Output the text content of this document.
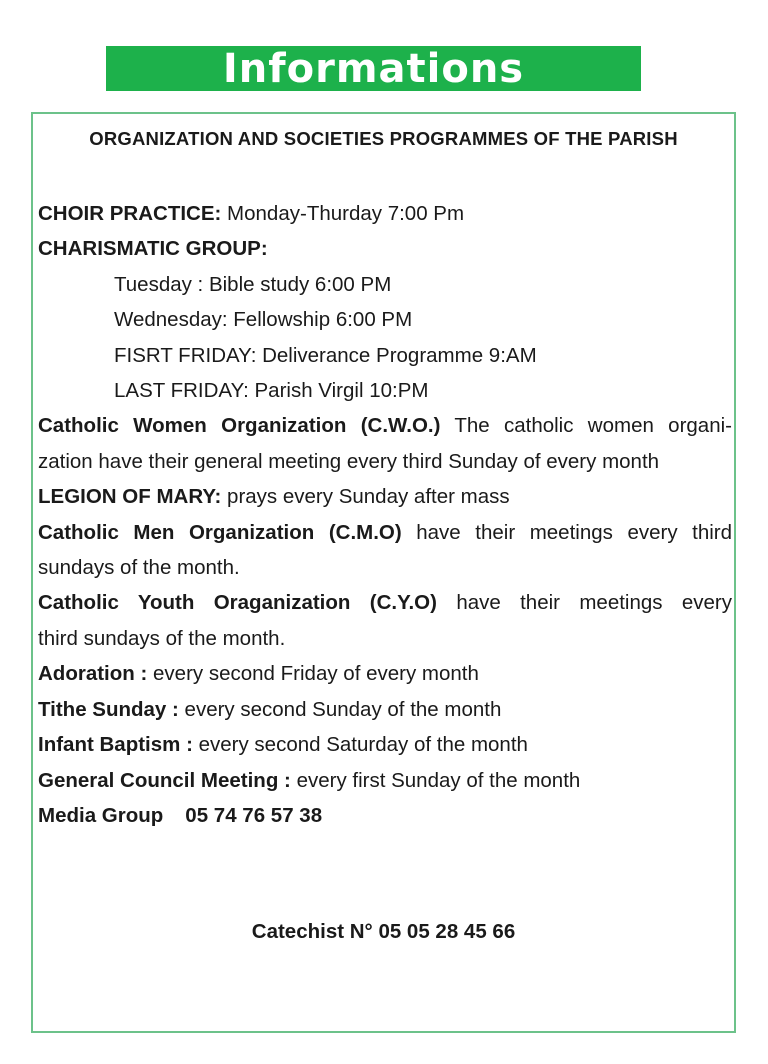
Informations
ORGANIZATION AND SOCIETIES PROGRAMMES OF THE PARISH
CHOIR PRACTICE: Monday-Thurday 7:00 Pm
CHARISMATIC GROUP:
Tuesday : Bible study 6:00 PM
Wednesday: Fellowship 6:00 PM
FISRT FRIDAY: Deliverance Programme 9:AM
LAST FRIDAY: Parish Virgil 10:PM
Catholic Women Organization (C.W.O.) The catholic women organi-
zation have their general meeting every third Sunday of every month
LEGION OF MARY: prays every Sunday after mass
Catholic Men Organization (C.M.O) have their meetings every third
sundays of the month.
Catholic Youth Oraganization (C.Y.O) have their meetings every
third sundays of the month.
Adoration : every second Friday of every month
Tithe Sunday : every second Sunday of the month
Infant Baptism : every second Saturday of the month
General Council Meeting : every first Sunday of the month
Media Group 05 74 76 57 38
Catechist N° 05 05 28 45 66
